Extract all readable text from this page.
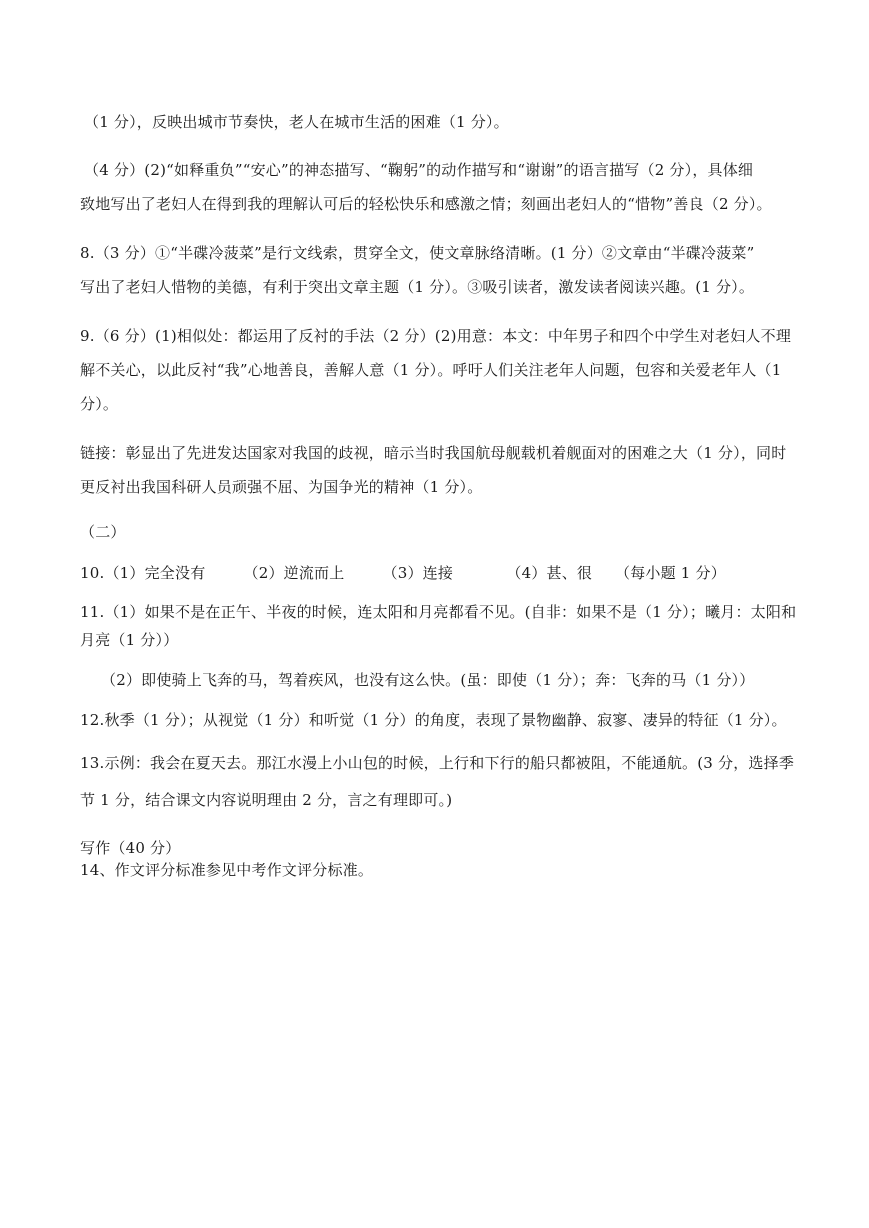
（1 分），反映出城市节奏快，老人在城市生活的困难（1 分）。
（4 分）(2)“如释重负”“安心”的神态描写、“鞠躬”的动作描写和“谢谢”的语言描写（2 分），具体细
致地写出了老妇人在得到我的理解认可后的轻松快乐和感激之情；刻画出老妇人的“惜物”善良（2 分）。
8.（3 分）①“半碟冷菠菜”是行文线索，贯穿全文，使文章脉络清晰。(1 分）②文章由“半碟冷菠菜”
写出了老妇人惜物的美德，有利于突出文章主题（1 分）。③吸引读者，激发读者阅读兴趣。(1 分）。
9.（6 分）(1)相似处：都运用了反衬的手法（2 分）(2)用意：本文：中年男子和四个中学生对老妇人不理
解不关心，以此反衬“我”心地善良，善解人意（1 分）。呼吁人们关注老年人问题，包容和关爱老年人（1
分）。
链接：彰显出了先进发达国家对我国的歧视，暗示当时我国航母舰载机着舰面对的困难之大（1 分），同时
更反衬出我国科研人员顽强不屈、为国争光的精神（1 分）。
（二）
10.（1）完全没有　　　（2）逆流而上　　　（3）连接　　　　（4）甚、很　　（每小题 1 分）
11.（1）如果不是在正午、半夜的时候，连太阳和月亮都看不见。(自非：如果不是（1 分）；曦月：太阳和
月亮（1 分））
（2）即使骑上飞奔的马，驾着疾风，也没有这么快。(虽：即使（1 分）；奔：飞奔的马（1 分））
12.秋季（1 分）；从视觉（1 分）和听觉（1 分）的角度，表现了景物幽静、寂寥、凄异的特征（1 分）。
13.示例：我会在夏天去。那江水漫上小山包的时候，上行和下行的船只都被阻，不能通航。(3 分，选择季
节 1 分，结合课文内容说明理由 2 分，言之有理即可。)
写作（40 分）
14、作文评分标准参见中考作文评分标准。
